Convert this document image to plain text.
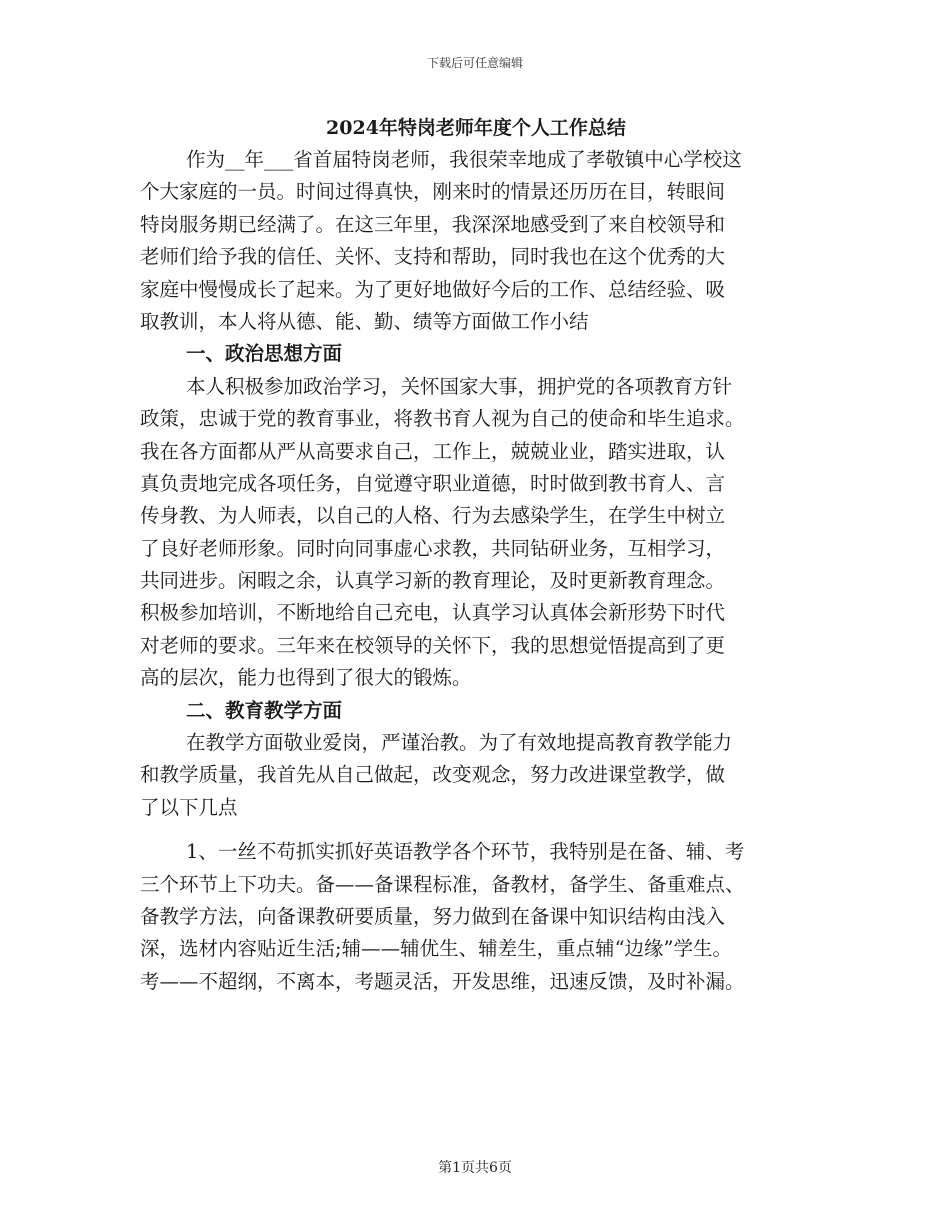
下载后可任意编辑
2024年特岗老师年度个人工作总结
作为__年___省首届特岗老师，我很荣幸地成了孝敬镇中心学校这
个大家庭的一员。时间过得真快，刚来时的情景还历历在目，转眼间
特岗服务期已经满了。在这三年里，我深深地感受到了来自校领导和
老师们给予我的信任、关怀、支持和帮助，同时我也在这个优秀的大
家庭中慢慢成长了起来。为了更好地做好今后的工作、总结经验、吸
取教训，本人将从德、能、勤、绩等方面做工作小结
一、政治思想方面
本人积极参加政治学习，关怀国家大事，拥护党的各项教育方针
政策，忠诚于党的教育事业，将教书育人视为自己的使命和毕生追求。
我在各方面都从严从高要求自己，工作上，兢兢业业，踏实进取，认
真负责地完成各项任务，自觉遵守职业道德，时时做到教书育人、言
传身教、为人师表，以自己的人格、行为去感染学生，在学生中树立
了良好老师形象。同时向同事虚心求教，共同钻研业务，互相学习，
共同进步。闲暇之余，认真学习新的教育理论，及时更新教育理念。
积极参加培训，不断地给自己充电，认真学习认真体会新形势下时代
对老师的要求。三年来在校领导的关怀下，我的思想觉悟提高到了更
高的层次，能力也得到了很大的锻炼。
二、教育教学方面
在教学方面敬业爱岗，严谨治教。为了有效地提高教育教学能力
和教学质量，我首先从自己做起，改变观念，努力改进课堂教学，做
了以下几点
1、一丝不苟抓实抓好英语教学各个环节，我特别是在备、辅、考
三个环节上下功夫。备——备课程标准，备教材，备学生、备重难点、
备教学方法，向备课教研要质量，努力做到在备课中知识结构由浅入
深，选材内容贴近生活;辅——辅优生、辅差生，重点辅“边缘”学生。
考——不超纲，不离本，考题灵活，开发思维，迅速反馈，及时补漏。
第1页共6页
